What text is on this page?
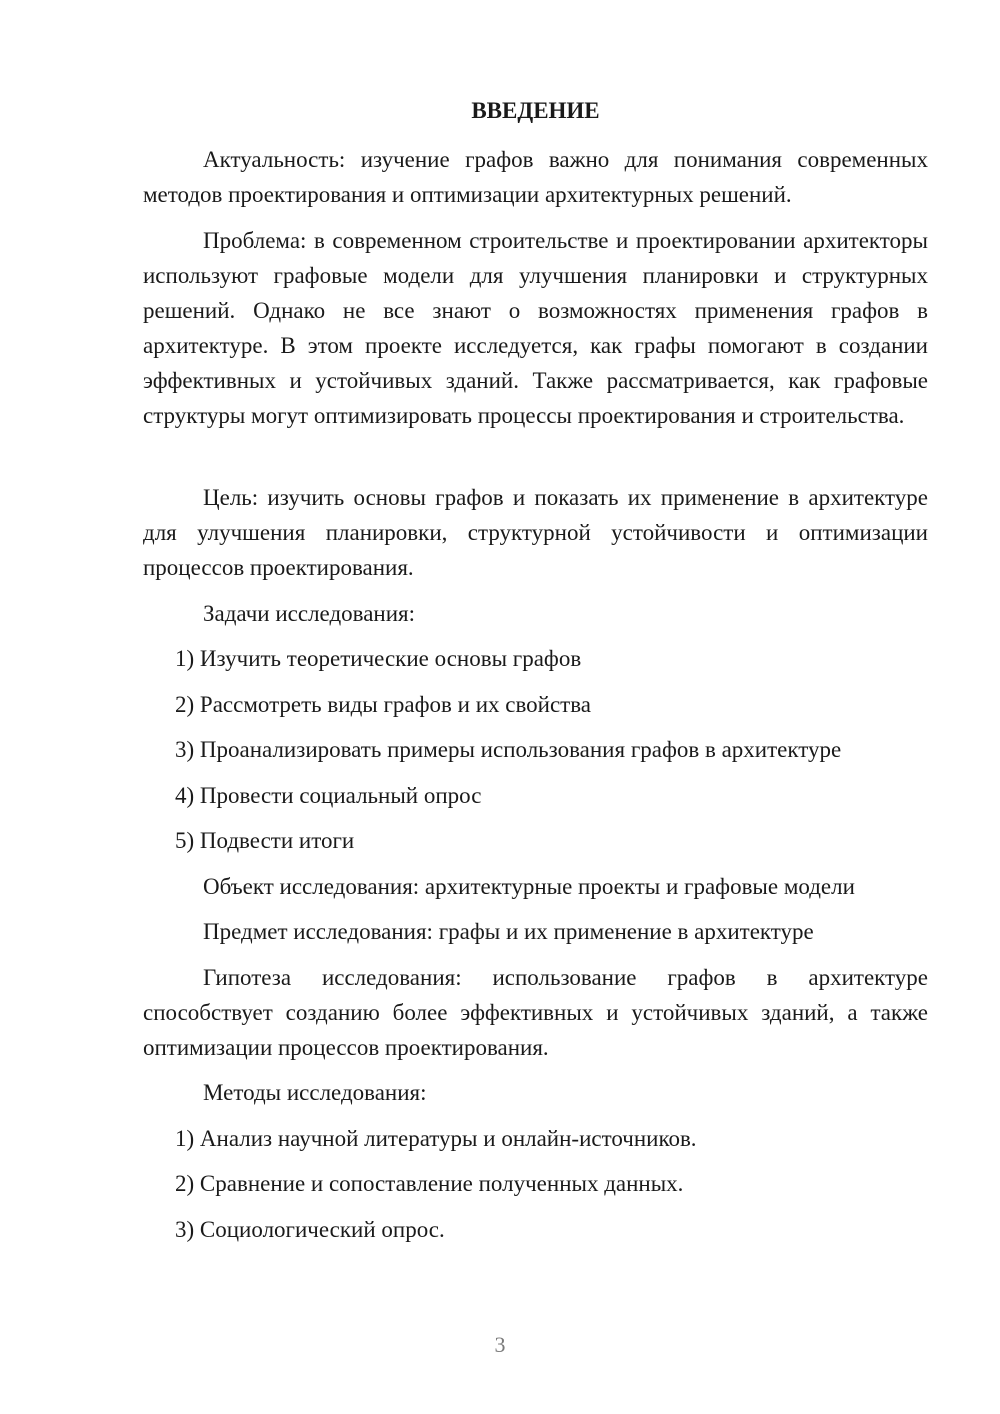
ВВЕДЕНИЕ

Актуальность: изучение графов важно для понимания современных методов проектирования и оптимизации архитектурных решений.

Проблема: в современном строительстве и проектировании архитекторы используют графовые модели для улучшения планировки и структурных решений. Однако не все знают о возможностях применения графов в архитектуре. В этом проекте исследуется, как графы помогают в создании эффективных и устойчивых зданий. Также рассматривается, как графовые структуры могут оптимизировать процессы проектирования и строительства.

Цель: изучить основы графов и показать их применение в архитектуре для улучшения планировки, структурной устойчивости и оптимизации процессов проектирования.

Задачи исследования:

1) Изучить теоретические основы графов

2) Рассмотреть виды графов и их свойства

3) Проанализировать примеры использования графов в архитектуре

4) Провести социальный опрос

5) Подвести итоги

Объект исследования: архитектурные проекты и графовые модели

Предмет исследования: графы и их применение в архитектуре

Гипотеза исследования: использование графов в архитектуре способствует созданию более эффективных и устойчивых зданий, а также оптимизации процессов проектирования.

Методы исследования:

1) Анализ научной литературы и онлайн-источников.

2) Сравнение и сопоставление полученных данных.

3) Социологический опрос.

3
